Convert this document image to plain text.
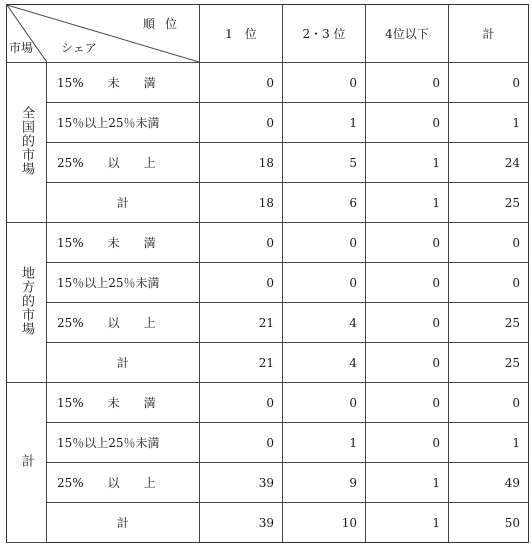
順位
シェア
市場		1　位	2・3 位	4位以下	計
全国的市場	15%　　未　　満	0	0	0	0
	15％以上25％未満	0	1	0	1
	25%　　以　　上	18	5	1	24
	計	18	6	1	25
地方的市場	15%　　未　　満	0	0	0	0
	15％以上25％未満	0	0	0	0
	25%　　以　　上	21	4	0	25
	計	21	4	0	25
計	15%　　未　　満	0	0	0	0
	15％以上25％未満	0	1	0	1
	25%　　以　　上	39	9	1	49
	計	39	10	1	50
